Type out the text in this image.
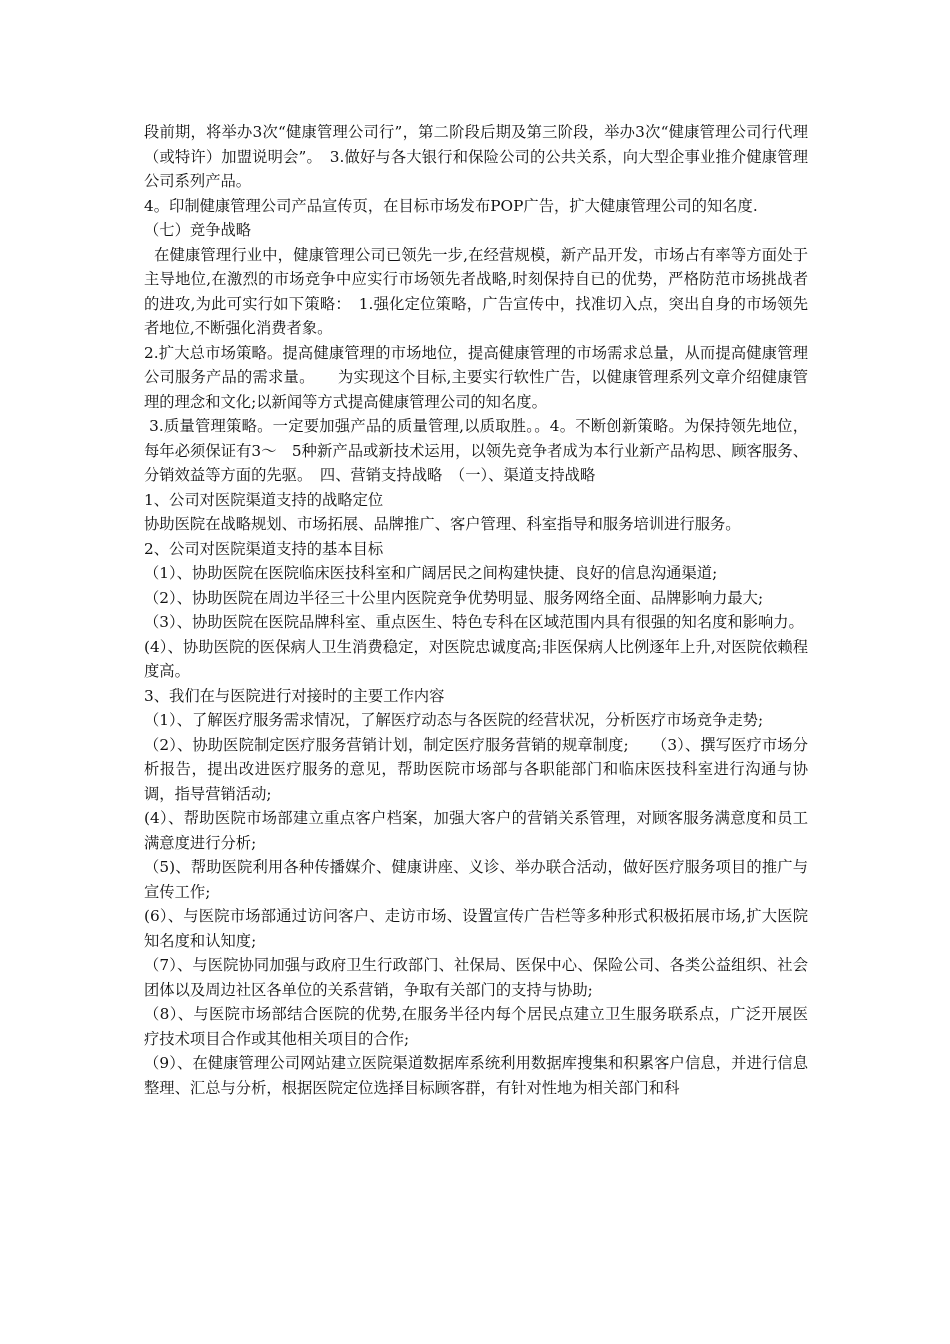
段前期，将举办3次“健康管理公司行”，第二阶段后期及第三阶段，举办3次“健康管理公司行代理（或特许）加盟说明会”。　3.做好与各大银行和保险公司的公共关系，向大型企事业推介健康管理公司系列产品。

4。印制健康管理公司产品宣传页，在目标市场发布POP广告，扩大健康管理公司的知名度.

（七）竞争战略

在健康管理行业中，健康管理公司已领先一步,在经营规模，新产品开发，市场占有率等方面处于主导地位,在激烈的市场竞争中应实行市场领先者战略,时刻保持自已的优势，严格防范市场挑战者的进攻,为此可实行如下策略：　1.强化定位策略，广告宣传中，找准切入点，突出自身的市场领先者地位,不断强化消费者象。

2.扩大总市场策略。提高健康管理的市场地位，提高健康管理的市场需求总量，从而提高健康管理公司服务产品的需求量。　　为实现这个目标,主要实行软性广告，以健康管理系列文章介绍健康管理的理念和文化;以新闻等方式提高健康管理公司的知名度。

3.质量管理策略。一定要加强产品的质量管理,以质取胜。。4。不断创新策略。为保持领先地位，每年必须保证有3～　5种新产品或新技术运用，以领先竞争者成为本行业新产品构思、顾客服务、分销效益等方面的先驱。　四、营销支持战略　（一）、渠道支持战略

1、公司对医院渠道支持的战略定位

协助医院在战略规划、市场拓展、品牌推广、客户管理、科室指导和服务培训进行服务。

2、公司对医院渠道支持的基本目标

（1）、协助医院在医院临床医技科室和广阔居民之间构建快捷、良好的信息沟通渠道;

（2）、协助医院在周边半径三十公里内医院竞争优势明显、服务网络全面、品牌影响力最大;

（3）、协助医院在医院品牌科室、重点医生、特色专科在区域范围内具有很强的知名度和影响力。

(4）、协助医院的医保病人卫生消费稳定，对医院忠诚度高;非医保病人比例逐年上升,对医院依赖程度高。

3、我们在与医院进行对接时的主要工作内容

（1）、了解医疗服务需求情况，了解医疗动态与各医院的经营状况，分析医疗市场竞争走势;

（2）、协助医院制定医疗服务营销计划，制定医疗服务营销的规章制度;　　（3）、撰写医疗市场分析报告，提出改进医疗服务的意见，帮助医院市场部与各职能部门和临床医技科室进行沟通与协调，指导营销活动;

(4）、帮助医院市场部建立重点客户档案，加强大客户的营销关系管理，对顾客服务满意度和员工满意度进行分析;

（5)、帮助医院利用各种传播媒介、健康讲座、义诊、举办联合活动，做好医疗服务项目的推广与宣传工作;

(6）、与医院市场部通过访问客户、走访市场、设置宣传广告栏等多种形式积极拓展市场,扩大医院知名度和认知度;

（7）、与医院协同加强与政府卫生行政部门、社保局、医保中心、保险公司、各类公益组织、社会团体以及周边社区各单位的关系营销，争取有关部门的支持与协助;

（8）、与医院市场部结合医院的优势,在服务半径内每个居民点建立卫生服务联系点，广泛开展医疗技术项目合作或其他相关项目的合作;

（9）、在健康管理公司网站建立医院渠道数据库系统利用数据库搜集和积累客户信息，并进行信息整理、汇总与分析，根据医院定位选择目标顾客群，有针对性地为相关部门和科
